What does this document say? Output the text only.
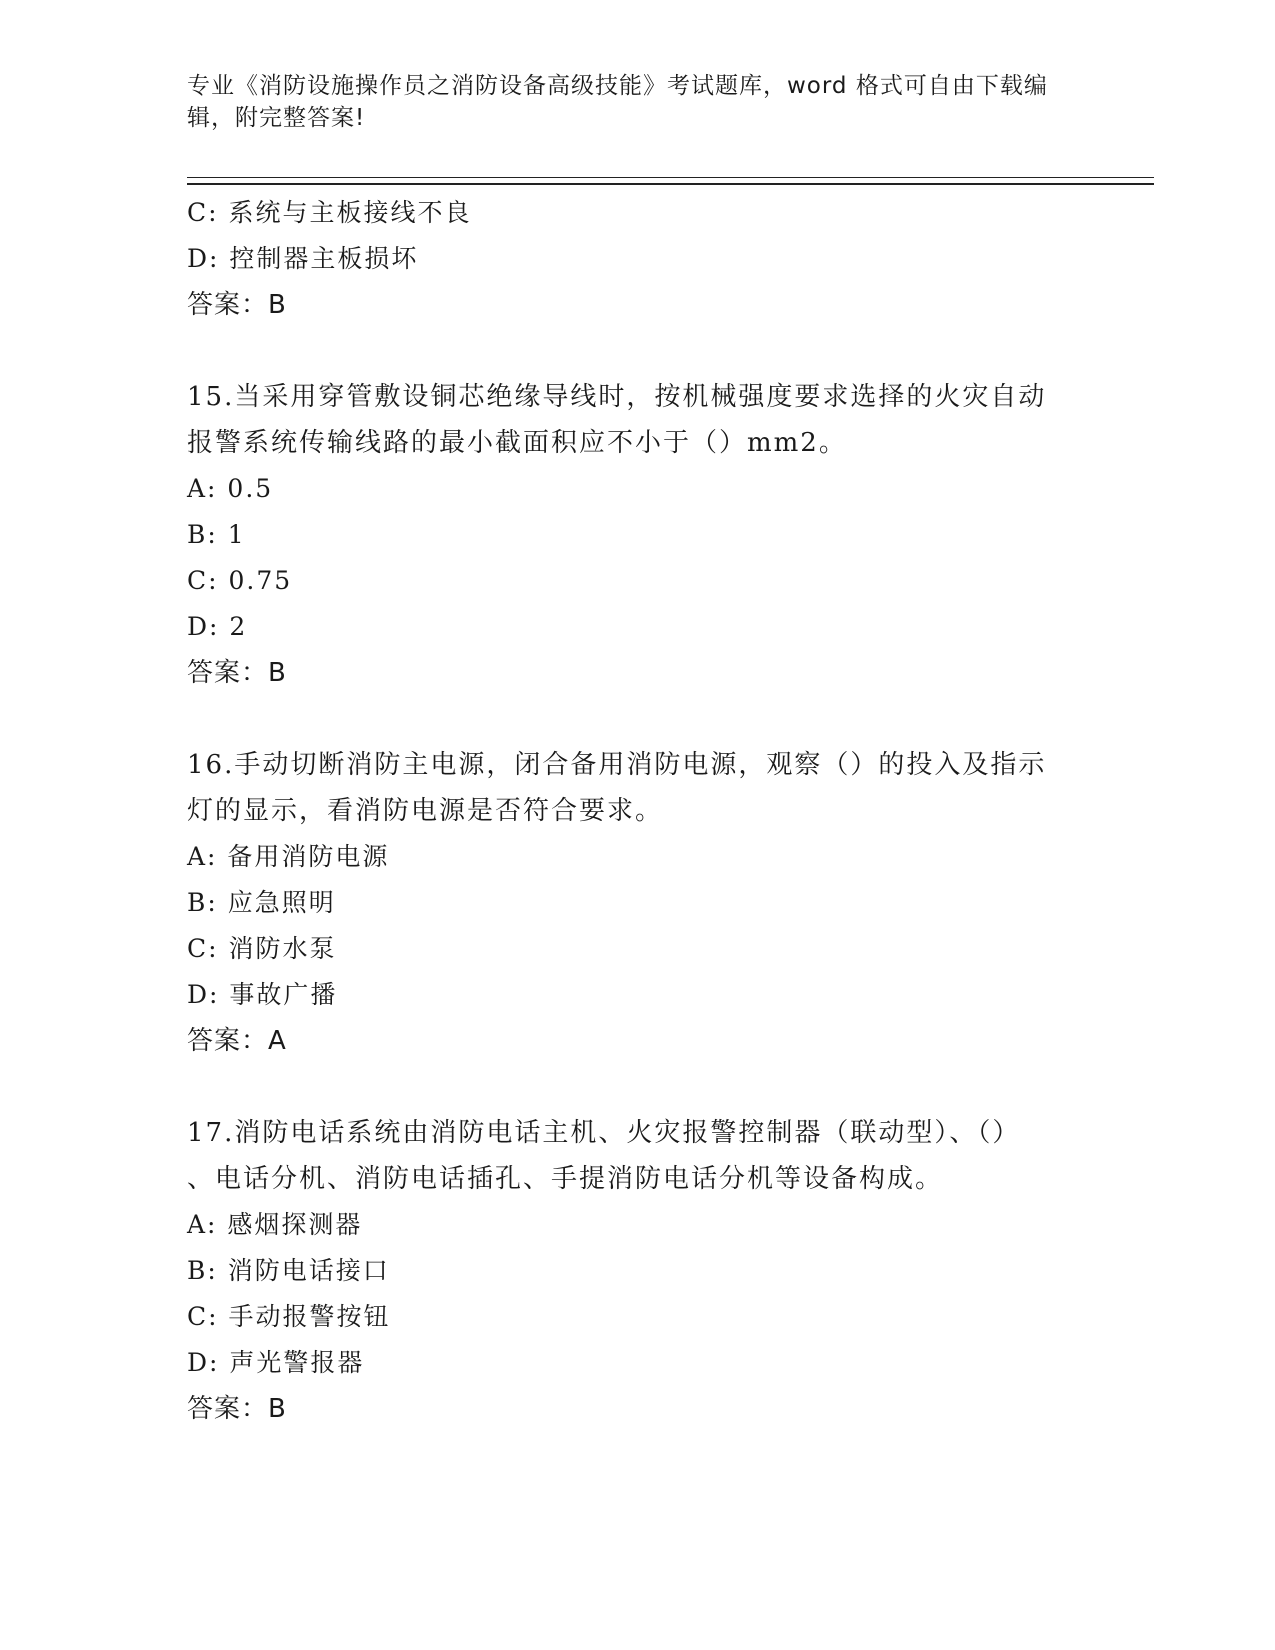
专业《消防设施操作员之消防设备高级技能》考试题库，word 格式可自由下载编
辑，附完整答案!
C: 系统与主板接线不良
D: 控制器主板损坏
答案：B
15.当采用穿管敷设铜芯绝缘导线时，按机械强度要求选择的火灾自动
报警系统传输线路的最小截面积应不小于（）mm2。
A: 0.5
B: 1
C: 0.75
D: 2
答案：B
16.手动切断消防主电源，闭合备用消防电源，观察（）的投入及指示
灯的显示，看消防电源是否符合要求。
A: 备用消防电源
B: 应急照明
C: 消防水泵
D: 事故广播
答案：A
17.消防电话系统由消防电话主机、火灾报警控制器（联动型）、（）
、电话分机、消防电话插孔、手提消防电话分机等设备构成。
A: 感烟探测器
B: 消防电话接口
C: 手动报警按钮
D: 声光警报器
答案：B
